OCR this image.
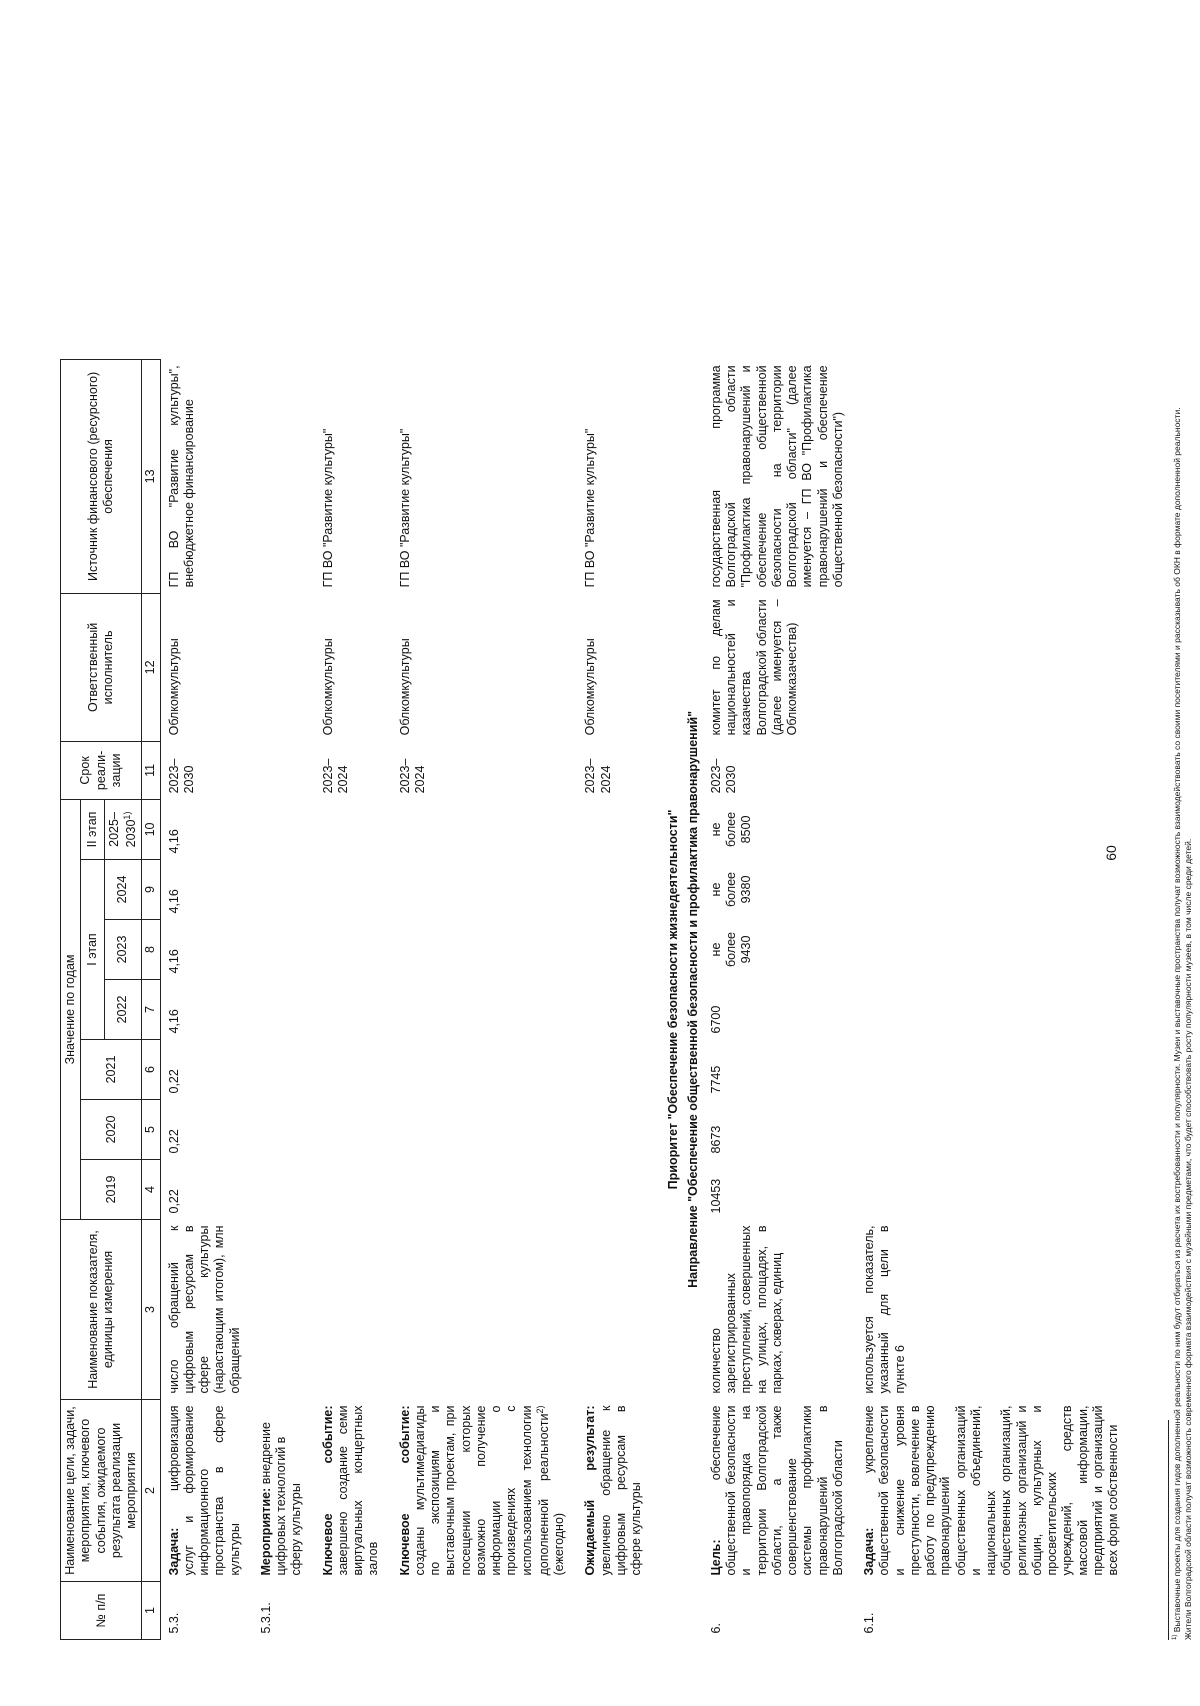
60
№ п/п	Наименование цели, задачи, мероприятия, ключевого события, ожидаемого результата реализации мероприятия	Наименование показателя, единицы измерения	Значение по годам							Срок реали-зации	Ответственный исполнитель	Источник финансового (ресурсного) обеспечения
			2019	2020	2021	I этап			II этап			
						2022	2023	2024	2025–2030$^{1)}$
1	2	3	4	5	6	7	8	9	10	11	12	13
5.3.	Задача: цифровизация услуг и формирование информационного пространства в сфере культуры	число обращений к цифровым ресурсам в сфере культуры (нарастающим итогом), млн обращений	0,22	0,22	0,22	4,16	4,16	4,16	4,16	2023–2030	Облкомкультуры	ГП ВО "Развитие культуры", внебюджетное финансирование
5.3.1.	Мероприятие: внедрение цифровых технологий в сферу культуры											
	Ключевое событие: завершено создание семи виртуальных концертных залов									2023–2024	Облкомкультуры	ГП ВО "Развитие культуры"
	Ключевое событие: созданы мультимедиагиды по экспозициям и выставочным проектам, при посещении которых возможно получение информации о произведениях с использованием технологии дополненной реальности$^{2)}$ (ежегодно)									2023–2024	Облкомкультуры	ГП ВО "Развитие культуры"
	Ожидаемый результат: увеличено обращение к цифровым ресурсам в сфере культуры									2023–2024	Облкомкультуры	ГП ВО "Развитие культуры"
Приоритет "Обеспечение безопасности жизнедеятельности"												
Направление "Обеспечение общественной безопасности и профилактика правонарушений"												
6.	Цель: обеспечение общественной безопасности и правопорядка на территории Волгоградской области, а также совершенствование системы профилактики правонарушений в Волгоградской области	количество зарегистрированных преступлений, совершенных на улицах, площадях, в парках, скверах, единиц	10453	8673	7745	6700	не более 9430	не более 9380	не более 8500	2023–2030	комитет по делам национальностей и казачества Волгоградской области (далее именуется – Облкомказачества)	государственная программа Волгоградской области "Профилактика правонарушений и обеспечение общественной безопасности на территории Волгоградской области" (далее именуется – ГП ВО "Профилактика правонарушений и обеспечение общественной безопасности")
6.1.	Задача: укрепление общественной безопасности и снижение уровня преступности, вовлечение в работу по предупреждению правонарушений общественных организаций и объединений, национальных общественных организаций, религиозных организаций и общин, культурных и просветительских учреждений, средств массовой информации, предприятий и организаций всех форм собственности	используется показатель, указанный для цели в пункте 6										
$^{1)}$ Выставочные проекты для создания гидов дополненной реальности по ним будут отбираться из расчета их востребованности и популярности. Музеи и выставочные пространства получат возможность взаимодействовать со своими посетителями и рассказывать об ОКН в формате дополненной реальности. Жители Волгоградской области получат возможность современного формата взаимодействия с музейными предметами, что будет способствовать росту популярности музеев, в том числе среди детей.
